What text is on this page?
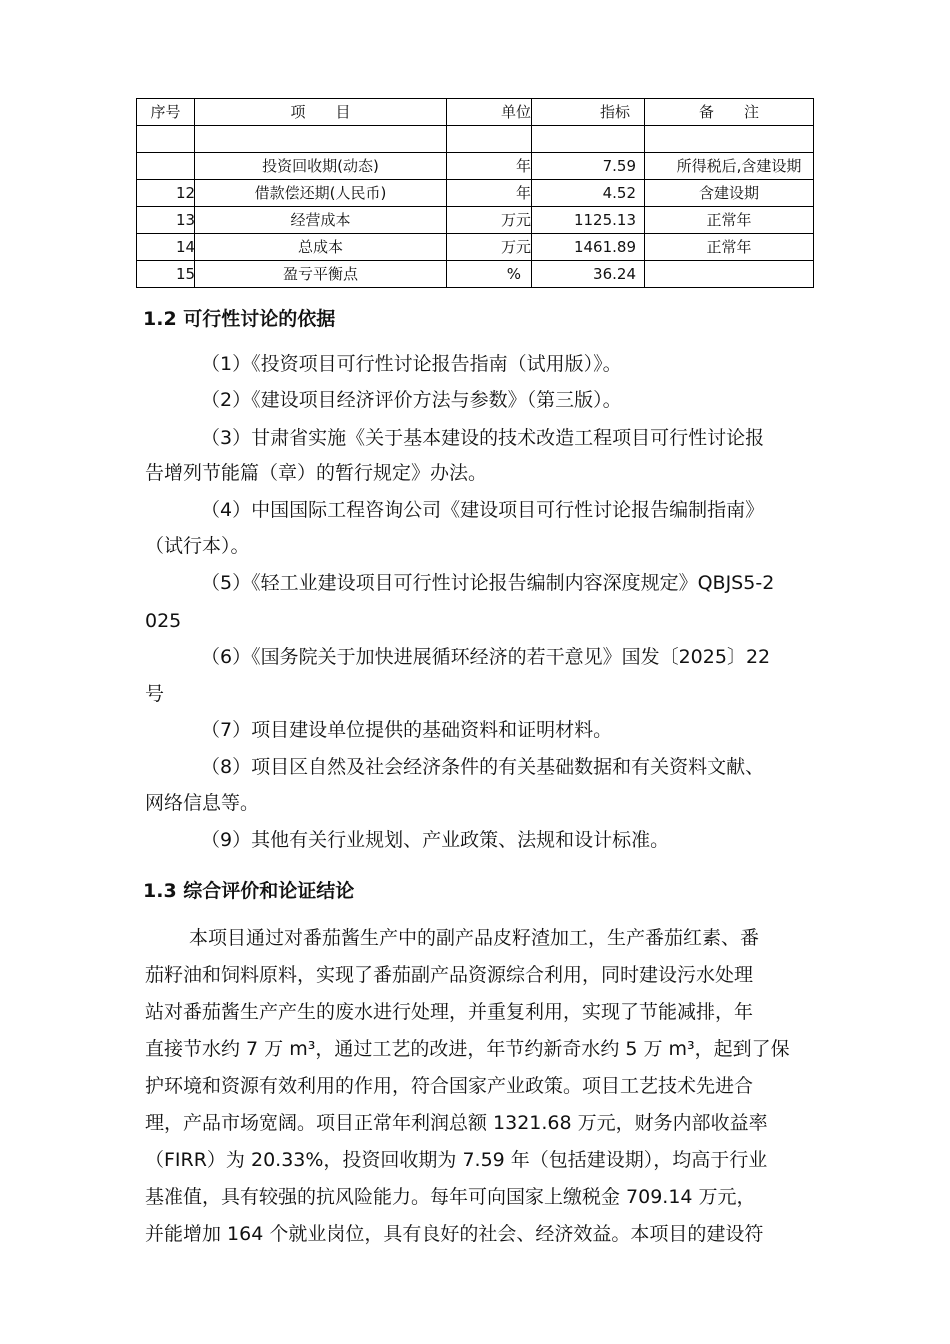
序号	项　　目	单位	指标	备　　注

	投资回收期(动态)	年	7.59	所得税后,含建设期
12	借款偿还期(人民币)	年	4.52	含建设期
13	经营成本	万元	1125.13	正常年
14	总成本	万元	1461.89	正常年
15	盈亏平衡点	%	36.24	
1.2 可行性讨论的依据
（1）《投资项目可行性讨论报告指南（试用版）》。
（2）《建设项目经济评价方法与参数》（第三版）。
（3）甘肃省实施《关于基本建设的技术改造工程项目可行性讨论报
告增列节能篇（章）的暂行规定》办法。
（4）中国国际工程咨询公司《建设项目可行性讨论报告编制指南》
（试行本）。
（5）《轻工业建设项目可行性讨论报告编制内容深度规定》QBJS5-2
025
（6）《国务院关于加快进展循环经济的若干意见》国发〔2025〕22
号
（7）项目建设单位提供的基础资料和证明材料。
（8）项目区自然及社会经济条件的有关基础数据和有关资料文献、
网络信息等。
（9）其他有关行业规划、产业政策、法规和设计标准。
1.3 综合评价和论证结论
本项目通过对番茄酱生产中的副产品皮籽渣加工，生产番茄红素、番
茄籽油和饲料原料，实现了番茄副产品资源综合利用，同时建设污水处理
站对番茄酱生产产生的废水进行处理，并重复利用，实现了节能减排，年
直接节水约 7 万 m³，通过工艺的改进，年节约新奇水约 5 万 m³，起到了保
护环境和资源有效利用的作用，符合国家产业政策。项目工艺技术先进合
理，产品市场宽阔。项目正常年利润总额 1321.68 万元，财务内部收益率
（FIRR）为 20.33%，投资回收期为 7.59 年（包括建设期），均高于行业
基准值，具有较强的抗风险能力。每年可向国家上缴税金 709.14 万元，
并能增加 164 个就业岗位，具有良好的社会、经济效益。本项目的建设符
